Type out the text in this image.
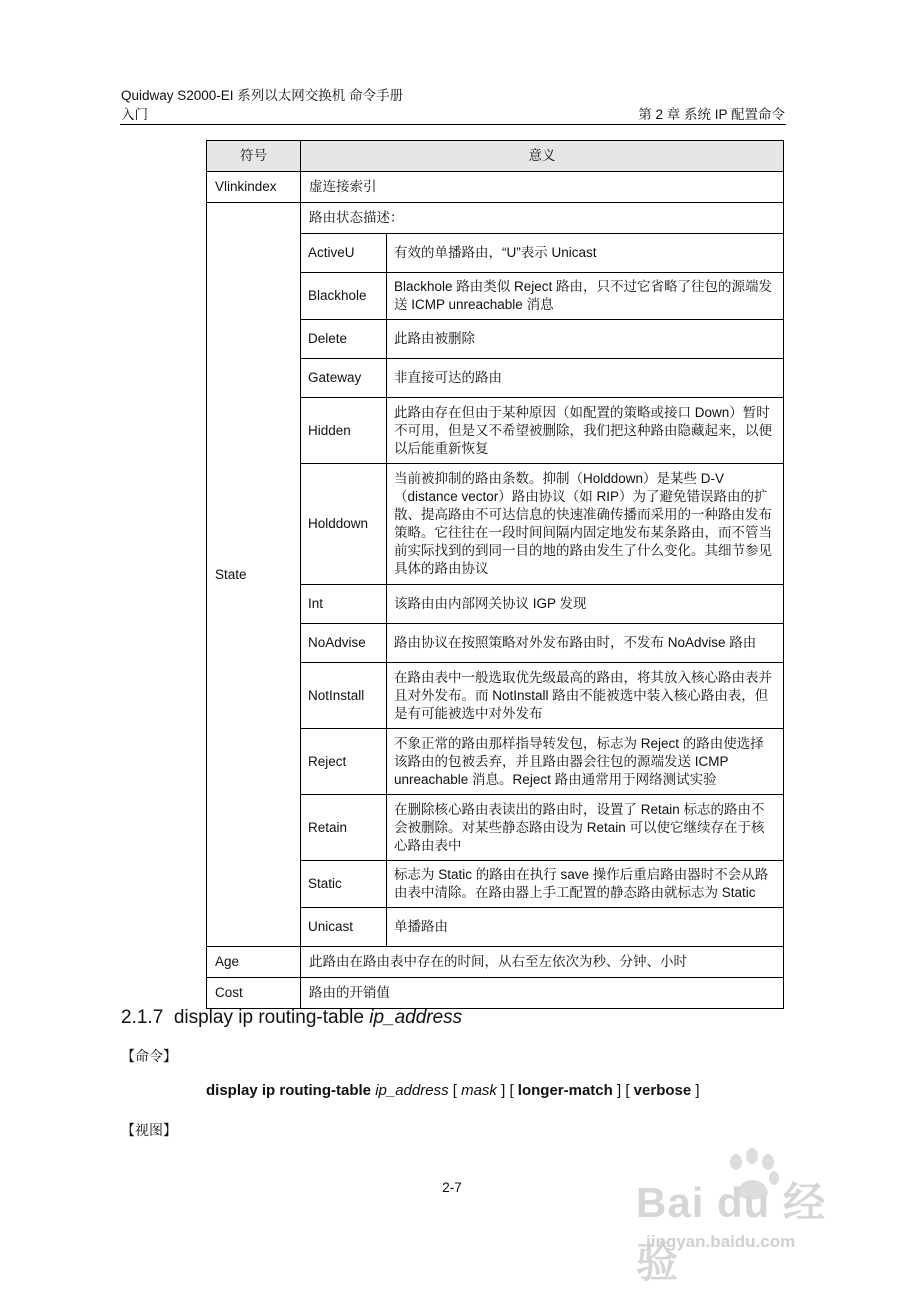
Quidway S2000-EI 系列以太网交换机 命令手册
入门	第 2 章 系统 IP 配置命令
符号	意义	
Vlinkindex	虚连接索引	
State	路由状态描述：	
	ActiveU	有效的单播路由，“U”表示 Unicast
	Blackhole	Blackhole 路由类似 Reject 路由，只不过它省略了往包的源端发送 ICMP unreachable 消息
	Delete	此路由被删除
	Gateway	非直接可达的路由
	Hidden	此路由存在但由于某种原因（如配置的策略或接口 Down）暂时不可用，但是又不希望被删除，我们把这种路由隐藏起来，以便以后能重新恢复
	Holddown	当前被抑制的路由条数。抑制（Holddown）是某些 D-V（distance vector）路由协议（如 RIP）为了避免错误路由的扩散、提高路由不可达信息的快速准确传播而采用的一种路由发布策略。它往往在一段时间间隔内固定地发布某条路由，而不管当前实际找到的到同一目的地的路由发生了什么变化。其细节参见具体的路由协议
	Int	该路由由内部网关协议 IGP 发现
	NoAdvise	路由协议在按照策略对外发布路由时，不发布 NoAdvise 路由
	NotInstall	在路由表中一般选取优先级最高的路由，将其放入核心路由表并且对外发布。而 NotInstall 路由不能被选中装入核心路由表，但是有可能被选中对外发布
	Reject	不象正常的路由那样指导转发包，标志为 Reject 的路由使选择该路由的包被丢弃，并且路由器会往包的源端发送 ICMP unreachable 消息。Reject 路由通常用于网络测试实验
	Retain	在删除核心路由表读出的路由时，设置了 Retain 标志的路由不会被删除。对某些静态路由设为 Retain 可以使它继续存在于核心路由表中
	Static	标志为 Static 的路由在执行 save 操作后重启路由器时不会从路由表中清除。在路由器上手工配置的静态路由就标志为 Static
	Unicast	单播路由
Age	此路由在路由表中存在的时间，从右至左依次为秒、分钟、小时	
Cost	路由的开销值	
2.1.7 display ip routing-table ip_address
【命令】
display ip routing-table ip_address [ mask ] [ longer-match ] [ verbose ]
【视图】
2-7	Bai du 经验
jingyan.baidu.com
